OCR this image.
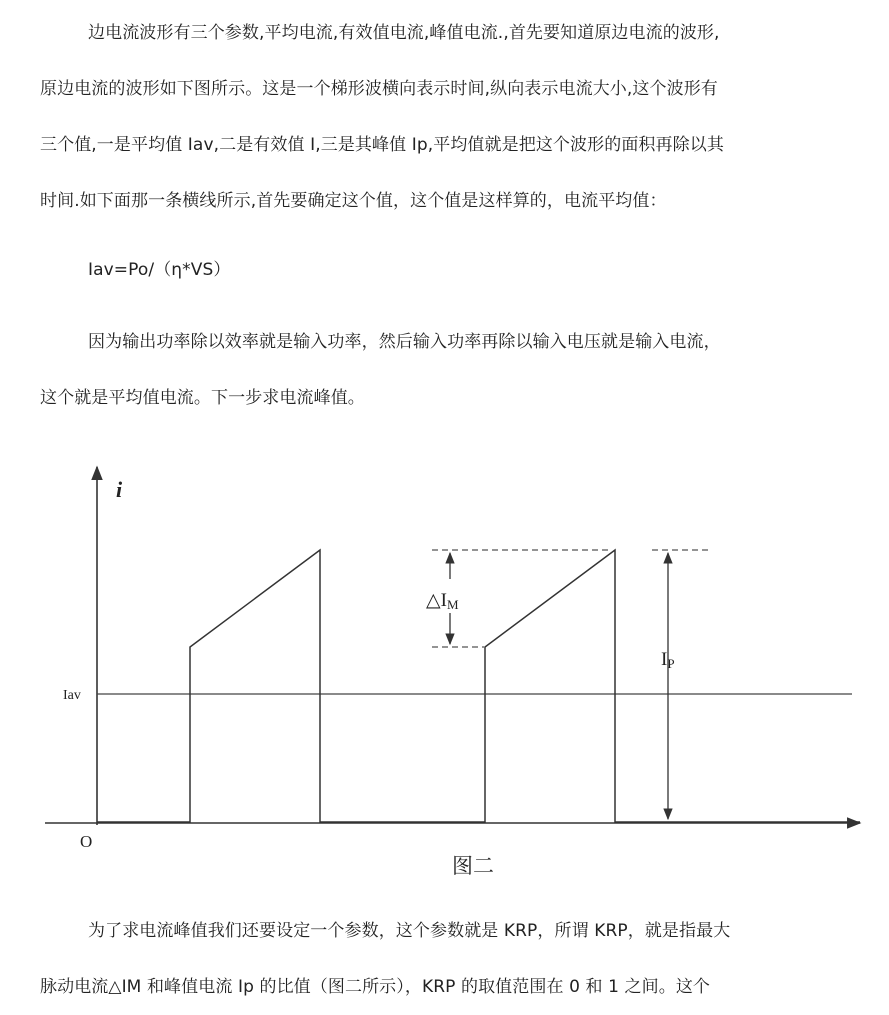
边电流波形有三个参数,平均电流,有效值电流,峰值电流.,首先要知道原边电流的波形,
原边电流的波形如下图所示。这是一个梯形波横向表示时间,纵向表示电流大小,这个波形有
三个值,一是平均值 Iav,二是有效值 I,三是其峰值 Ip,平均值就是把这个波形的面积再除以其
时间.如下面那一条横线所示,首先要确定这个值，这个值是这样算的，电流平均值：
Iav=Po/（η*VS）
因为输出功率除以效率就是输入功率，然后输入功率再除以输入电压就是输入电流，
这个就是平均值电流。下一步求电流峰值。
i
O
Iav
△IM
IP
图二
为了求电流峰值我们还要设定一个参数，这个参数就是 KRP，所谓 KRP，就是指最大
脉动电流△IM 和峰值电流 Ip 的比值（图二所示），KRP 的取值范围在 0 和 1 之间。这个
